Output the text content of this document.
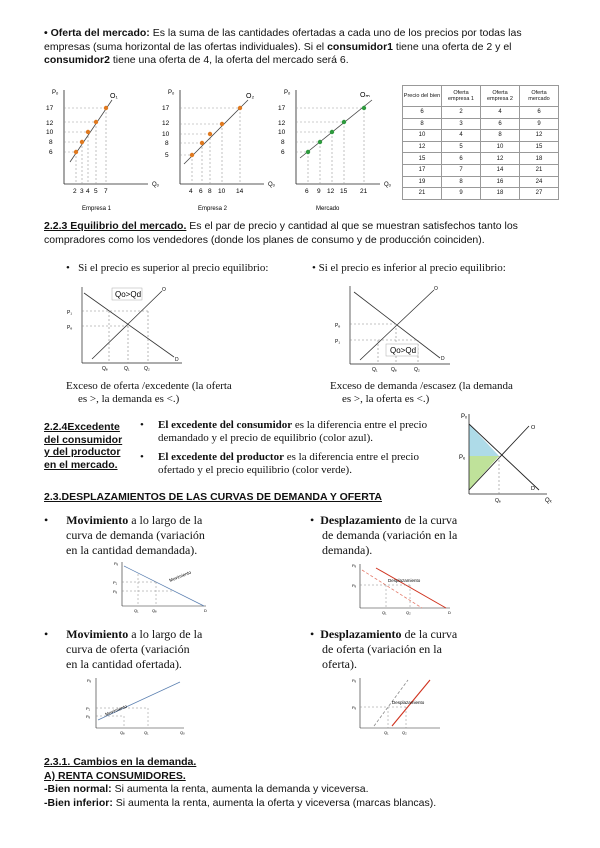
• Oferta del mercado: Es la suma de las cantidades ofertadas a cada uno de los precios por todas las empresas (suma horizontal de las ofertas individuales). Si el consumidor1 tiene una oferta de 2 y el consumidor2 tiene una oferta de 4, la oferta del mercado será 6.
Pₒ
Qₒ
17
12
10
8
6
O₁
2 3 4 5 7
Empresa 1
Pₒ
Qₒ
17
12
10
8
5
O₂
4 6 8 10 14
Empresa 2
Pₒ
Qₒ
17
12
10
8
6
Oₘ
6 9 12 15 21
Mercado
Precio del bien	Oferta empresa 1	Oferta empresa 2	Oferta mercado
6	2	4	6
8	3	6	9
10	4	8	12
12	5	10	15
15	6	12	18
17	7	14	21
19	8	16	24
21	9	18	27
2.2.3 Equilibrio del mercado. Es el par de precio y cantidad al que se muestran satisfechos tanto los compradores como los vendedores (donde los planes de consumo y de producción coinciden).
•   Si el precio es superior al precio equilibrio:	• Si el precio es inferior al precio equilibrio:
Qo>Qd
P₁
Pₑ
Qₑ	Q₁	Q₂
D
O
Qo>Qd
Pₑ
P₁
Q₁	Qₑ	Q₂
D
O
Exceso de oferta /excedente (la oferta
es >, la demanda es <.)
Exceso de demanda /escasez (la demanda
es >, la oferta es <.)
2.2.4Excedente
del consumidor
y del productor
en el mercado.
•	El excedente del consumidor es la diferencia entre el precio demandado y el precio de equilibrio (color azul).
•	El excedente del productor es la diferencia entre el precio ofertado y el precio equilibrio (color verde).
Pₓ
Pₑ
Qₑ	Qₓ
O
D
2.3.DESPLAZAMIENTOS DE LAS CURVAS DE DEMANDA Y OFERTA
•      Movimiento a lo largo de la
curva de demanda (variación
en la cantidad demandada).
•  Desplazamiento de la curva
de demanda (variación en la
demanda).
Movimiento
Pₑ
P₁
Pₑ
Q₁	Qₑ	D
Desplazamiento
Pₑ
Pₑ
Q₁	Q₂	D
•      Movimiento a lo largo de la
curva de oferta (variación
en la cantidad ofertada).
•  Desplazamiento de la curva
de oferta (variación en la
oferta).
Movimiento
Pₑ
P₁
Pₑ
Qₑ	Q₁	Qₒ
Desplazamiento
Pₑ
Pₑ
Q₁	Q₂
2.3.1. Cambios en la demanda.
A) RENTA CONSUMIDORES.
-Bien normal: Si aumenta la renta, aumenta la demanda y viceversa.
-Bien inferior: Si aumenta la renta, aumenta la oferta y viceversa (marcas blancas).
